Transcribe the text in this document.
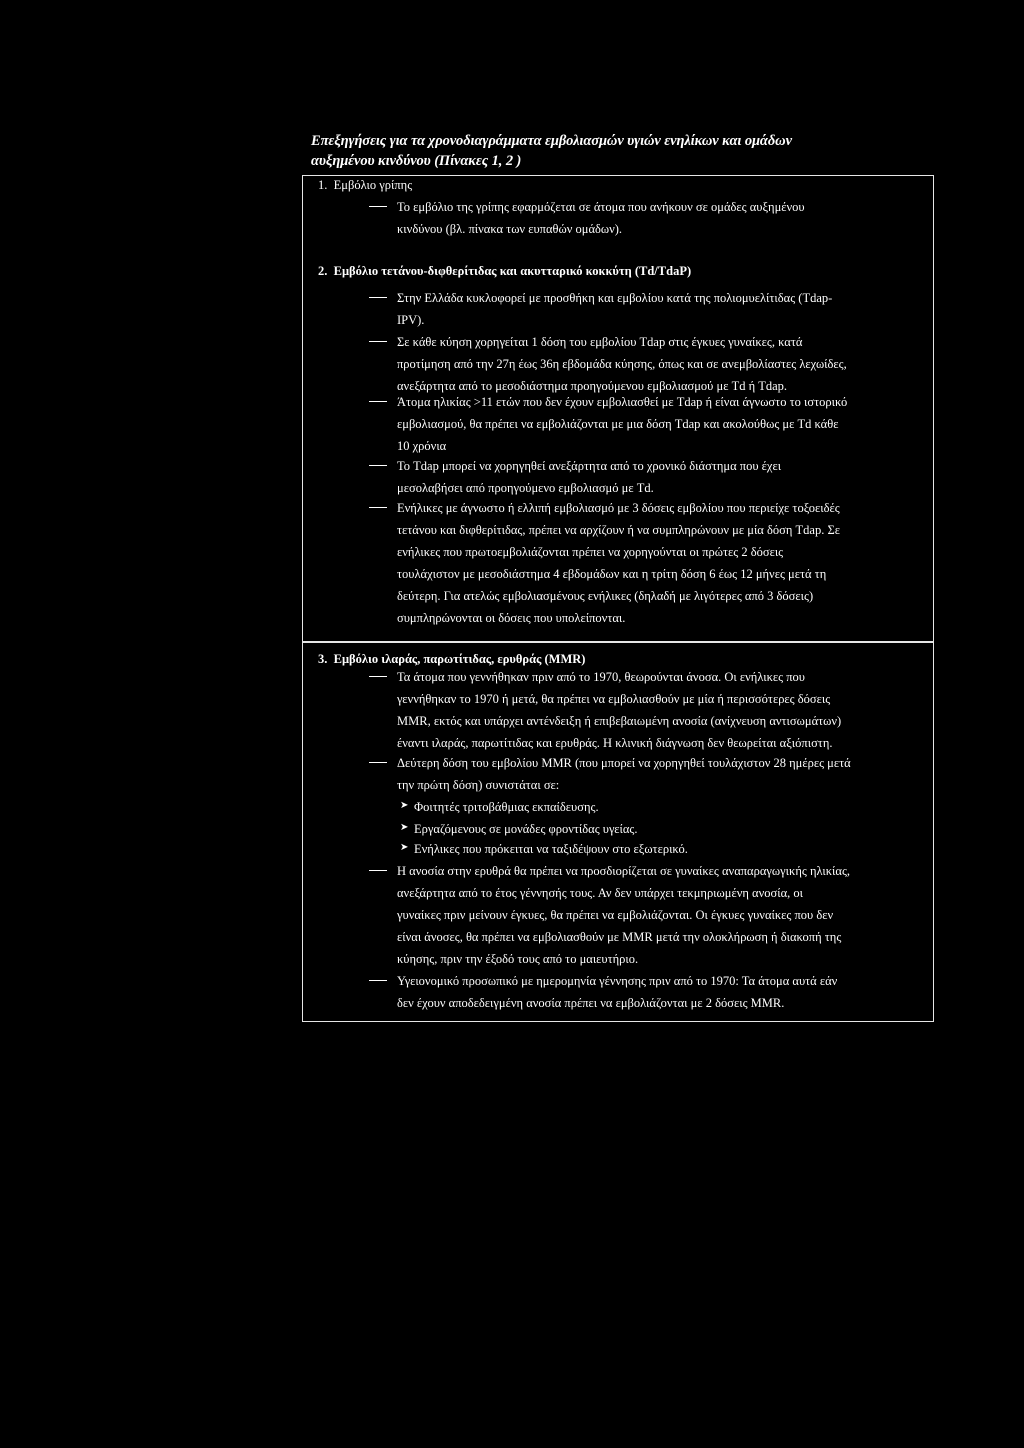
Επεξηγήσεις για τα χρονοδιαγράμματα εμβολιασμών υγιών ενηλίκων και ομάδων
αυξημένου κινδύνου (Πίνακες 1, 2 )
1. Εμβόλιο γρίπης
Το εμβόλιο της γρίπης εφαρμόζεται σε άτομα που ανήκουν σε ομάδες αυξημένου
κινδύνου (βλ. πίνακα των ευπαθών ομάδων).
2. Εμβόλιο τετάνου-διφθερίτιδας και ακυτταρικό κοκκύτη (Td/TdaP)
Στην Ελλάδα κυκλοφορεί με προσθήκη και εμβολίου κατά της πολιομυελίτιδας (Tdap-
IPV).
Σε κάθε κύηση χορηγείται 1 δόση του εμβολίου Tdap στις έγκυες γυναίκες, κατά
προτίμηση από την 27η έως 36η εβδομάδα κύησης, όπως και σε ανεμβολίαστες λεχωίδες,
ανεξάρτητα από το μεσοδιάστημα προηγούμενου εμβολιασμού με Td ή Tdap.
Άτομα ηλικίας >11 ετών που δεν έχουν εμβολιασθεί με Tdap ή είναι άγνωστο το ιστορικό
εμβολιασμού, θα πρέπει να εμβολιάζονται με μια δόση Tdap και ακολούθως με Td κάθε
10 χρόνια
Το Tdap μπορεί να χορηγηθεί ανεξάρτητα από το χρονικό διάστημα που έχει
μεσολαβήσει από προηγούμενο εμβολιασμό με Td.
Ενήλικες με άγνωστο ή ελλιπή εμβολιασμό με 3 δόσεις εμβολίου που περιείχε τοξοειδές
τετάνου και διφθερίτιδας, πρέπει να αρχίζουν ή να συμπληρώνουν με μία δόση Tdap. Σε
ενήλικες που πρωτοεμβολιάζονται πρέπει να χορηγούνται οι πρώτες 2 δόσεις
τουλάχιστον με μεσοδιάστημα 4 εβδομάδων και η τρίτη δόση 6 έως 12 μήνες μετά τη
δεύτερη. Για ατελώς εμβολιασμένους ενήλικες (δηλαδή με λιγότερες από 3 δόσεις)
συμπληρώνονται οι δόσεις που υπολείπονται.
3. Εμβόλιο ιλαράς, παρωτίτιδας, ερυθράς (MMR)
Τα άτομα που γεννήθηκαν πριν από το 1970, θεωρούνται άνοσα. Οι ενήλικες που
γεννήθηκαν το 1970 ή μετά, θα πρέπει να εμβολιασθούν με μία ή περισσότερες δόσεις
MMR, εκτός και υπάρχει αντένδειξη ή επιβεβαιωμένη ανοσία (ανίχνευση αντισωμάτων)
έναντι ιλαράς, παρωτίτιδας και ερυθράς. Η κλινική διάγνωση δεν θεωρείται αξιόπιστη.
Δεύτερη δόση του εμβολίου MMR (που μπορεί να χορηγηθεί τουλάχιστον 28 ημέρες μετά
την πρώτη δόση) συνιστάται σε:
➤ Φοιτητές τριτοβάθμιας εκπαίδευσης.
➤ Εργαζόμενους σε μονάδες φροντίδας υγείας.
➤ Ενήλικες που πρόκειται να ταξιδέψουν στο εξωτερικό.
Η ανοσία στην ερυθρά θα πρέπει να προσδιορίζεται σε γυναίκες αναπαραγωγικής ηλικίας,
ανεξάρτητα από το έτος γέννησής τους. Αν δεν υπάρχει τεκμηριωμένη ανοσία, οι
γυναίκες πριν μείνουν έγκυες, θα πρέπει να εμβολιάζονται. Οι έγκυες γυναίκες που δεν
είναι άνοσες, θα πρέπει να εμβολιασθούν με MMR μετά την ολοκλήρωση ή διακοπή της
κύησης, πριν την έξοδό τους από το μαιευτήριο.
Υγειονομικό προσωπικό με ημερομηνία γέννησης πριν από το 1970: Τα άτομα αυτά εάν
δεν έχουν αποδεδειγμένη ανοσία πρέπει να εμβολιάζονται με 2 δόσεις MMR.
